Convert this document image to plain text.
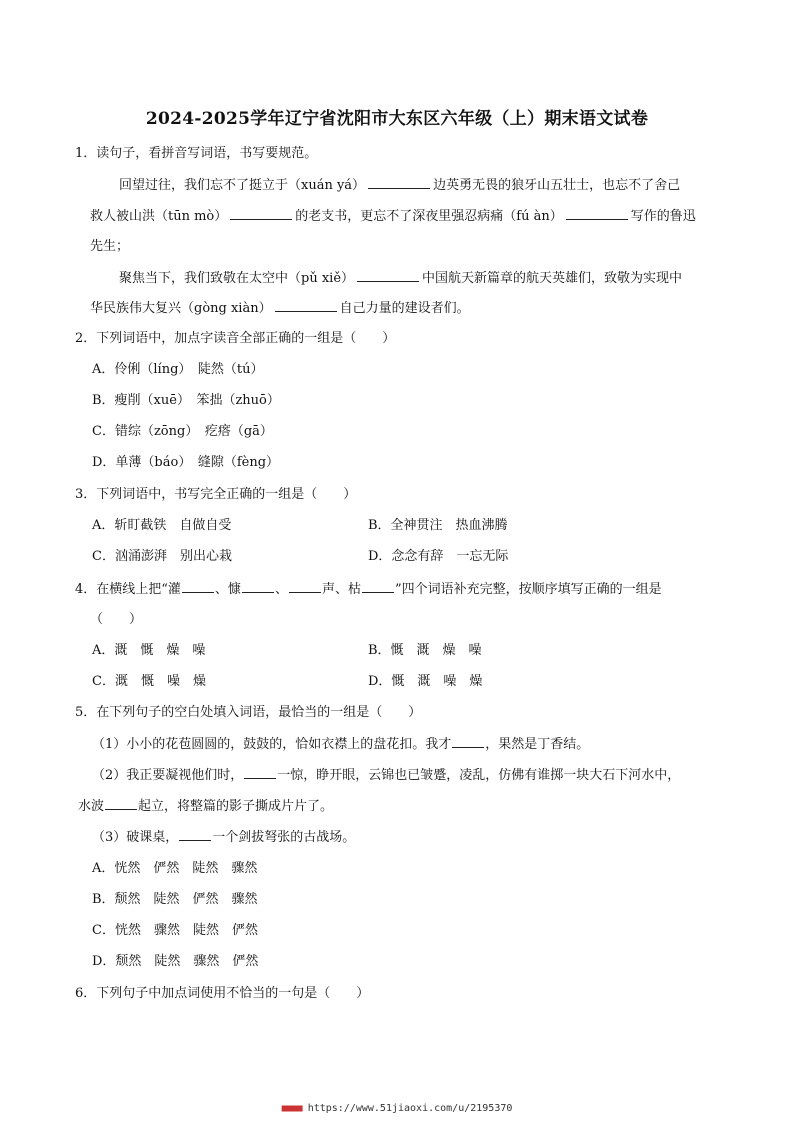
2024-2025学年辽宁省沈阳市大东区六年级（上）期末语文试卷
1．读句子，看拼音写词语，书写要规范。
回望过往，我们忘不了挺立于（xuán yá）	边英勇无畏的狼牙山五壮士，也忘不了舍己
救人被山洪（tūn mò）	的老支书，更忘不了深夜里强忍病痛（fú àn）	写作的鲁迅
先生；
聚焦当下，我们致敬在太空中（pǔ xiě）	中国航天新篇章的航天英雄们，致敬为实现中
华民族伟大复兴（gòng xiàn）	自己力量的建设者们。
2．下列词语中，加点字读音全部正确的一组是（　　）
A．伶俐（líng）　陡然（tú）
B．瘦削（xuē）　笨拙（zhuō）
C．错综（zōng）　疙瘩（gā）
D．单薄（báo）　缝隙（fèng）
3．下列词语中，书写完全正确的一组是（　　）
A．斩盯截铁　自做自受	B．全神贯注　热血沸腾
C．汹涌澎湃　别出心栽	D．念念有辞　一忘无际
4．在横线上把“灌	、慷	、	声、枯	”四个词语补充完整，按顺序填写正确的一组是
（　　）
A．溉　慨　燥　噪	B．慨　溉　燥　噪
C．溉　慨　噪　燥	D．慨　溉　噪　燥
5．在下列句子的空白处填入词语，最恰当的一组是（　　）
（1）小小的花苞圆圆的，鼓鼓的，恰如衣襟上的盘花扣。我才	，果然是丁香结。
（2）我正要凝视他们时，	一惊，睁开眼，云锦也已皱蹙，凌乱，仿佛有谁掷一块大石下河水中，
水波	起立，将整篇的影子撕成片片了。
（3）破课桌，	一个剑拔弩张的古战场。
A．恍然　俨然　陡然　骤然
B．颓然　陡然　俨然　骤然
C．恍然　骤然　陡然　俨然
D．颓然　陡然　骤然　俨然
6．下列句子中加点词使用不恰当的一句是（　　）
■■■■ https://www.51jiaoxi.com/u/2195370
